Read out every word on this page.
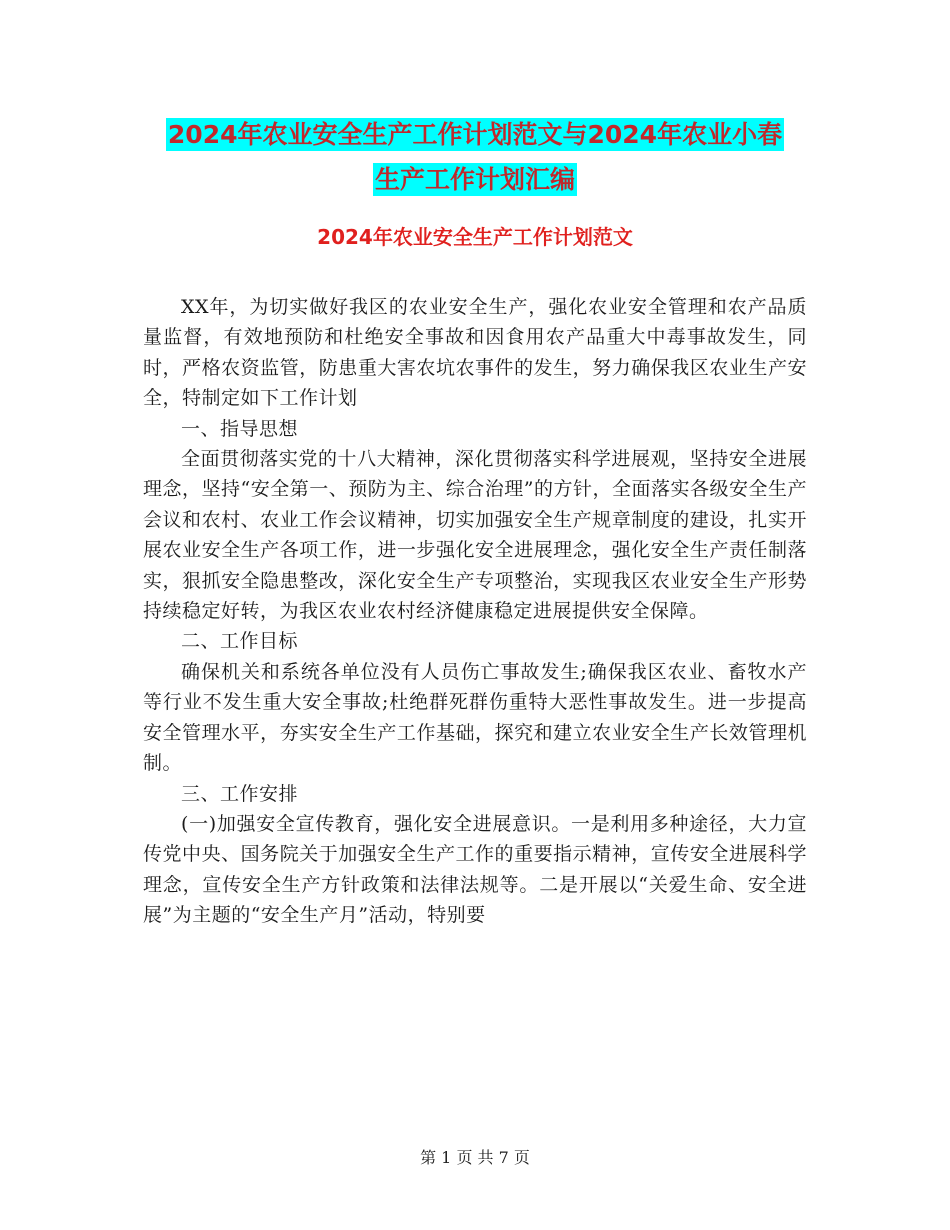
2024年农业安全生产工作计划范文与2024年农业小春
生产工作计划汇编
2024年农业安全生产工作计划范文

XX年，为切实做好我区的农业安全生产，强化农业安全管理和农产品质量监督，有效地预防和杜绝安全事故和因食用农产品重大中毒事故发生，同时，严格农资监管，防患重大害农坑农事件的发生，努力确保我区农业生产安全，特制定如下工作计划

一、指导思想

全面贯彻落实党的十八大精神，深化贯彻落实科学进展观，坚持安全进展理念，坚持“安全第一、预防为主、综合治理”的方针，全面落实各级安全生产会议和农村、农业工作会议精神，切实加强安全生产规章制度的建设，扎实开展农业安全生产各项工作，进一步强化安全进展理念，强化安全生产责任制落实，狠抓安全隐患整改，深化安全生产专项整治，实现我区农业安全生产形势持续稳定好转，为我区农业农村经济健康稳定进展提供安全保障。

二、工作目标

确保机关和系统各单位没有人员伤亡事故发生;确保我区农业、畜牧水产等行业不发生重大安全事故;杜绝群死群伤重特大恶性事故发生。进一步提高安全管理水平，夯实安全生产工作基础，探究和建立农业安全生产长效管理机制。

三、工作安排

(一)加强安全宣传教育，强化安全进展意识。一是利用多种途径，大力宣传党中央、国务院关于加强安全生产工作的重要指示精神，宣传安全进展科学理念，宣传安全生产方针政策和法律法规等。二是开展以“关爱生命、安全进展”为主题的“安全生产月”活动，特别要

第 1 页 共 7 页
